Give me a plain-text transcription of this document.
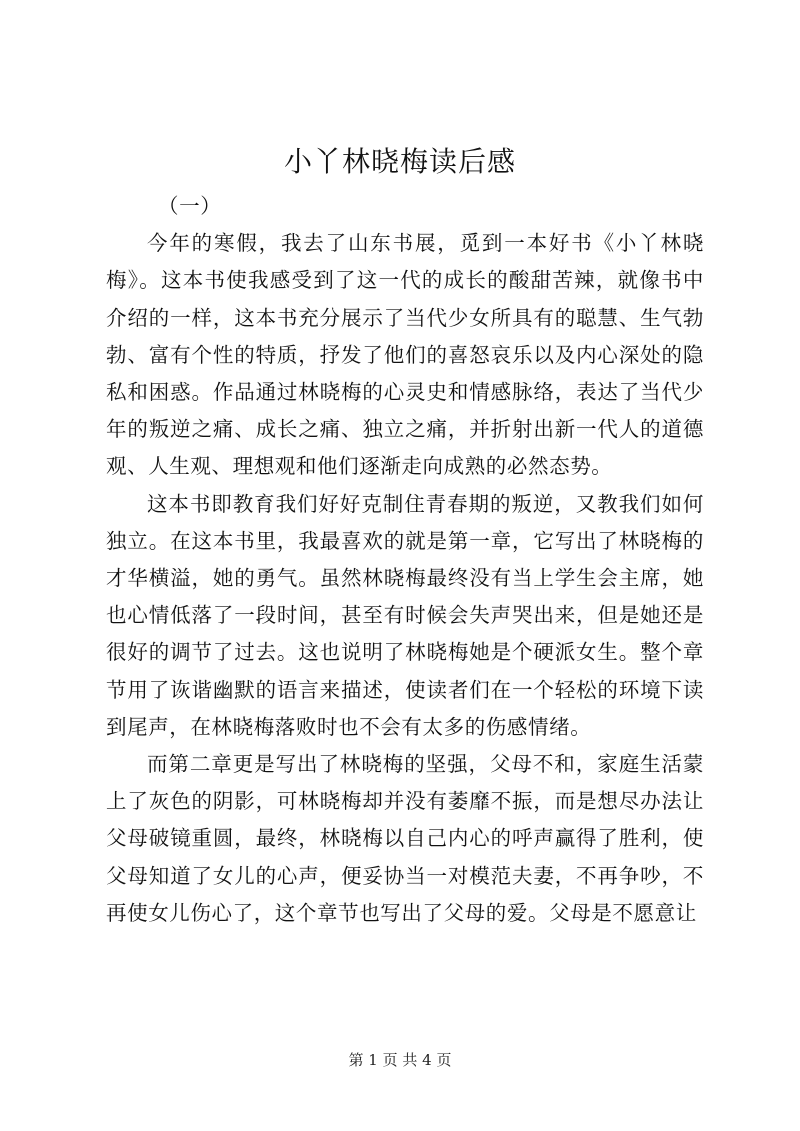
小丫林晓梅读后感

（一）

今年的寒假，我去了山东书展，觅到一本好书《小丫林晓梅》。这本书使我感受到了这一代的成长的酸甜苦辣，就像书中介绍的一样，这本书充分展示了当代少女所具有的聪慧、生气勃勃、富有个性的特质，抒发了他们的喜怒哀乐以及内心深处的隐私和困惑。作品通过林晓梅的心灵史和情感脉络，表达了当代少年的叛逆之痛、成长之痛、独立之痛，并折射出新一代人的道德观、人生观、理想观和他们逐渐走向成熟的必然态势。

这本书即教育我们好好克制住青春期的叛逆，又教我们如何独立。在这本书里，我最喜欢的就是第一章，它写出了林晓梅的才华横溢，她的勇气。虽然林晓梅最终没有当上学生会主席，她也心情低落了一段时间，甚至有时候会失声哭出来，但是她还是很好的调节了过去。这也说明了林晓梅她是个硬派女生。整个章节用了诙谐幽默的语言来描述，使读者们在一个轻松的环境下读到尾声，在林晓梅落败时也不会有太多的伤感情绪。

而第二章更是写出了林晓梅的坚强，父母不和，家庭生活蒙上了灰色的阴影，可林晓梅却并没有萎靡不振，而是想尽办法让父母破镜重圆，最终，林晓梅以自己内心的呼声赢得了胜利，使父母知道了女儿的心声，便妥协当一对模范夫妻，不再争吵，不再使女儿伤心了，这个章节也写出了父母的爱。父母是不愿意让

第 1 页 共 4 页
